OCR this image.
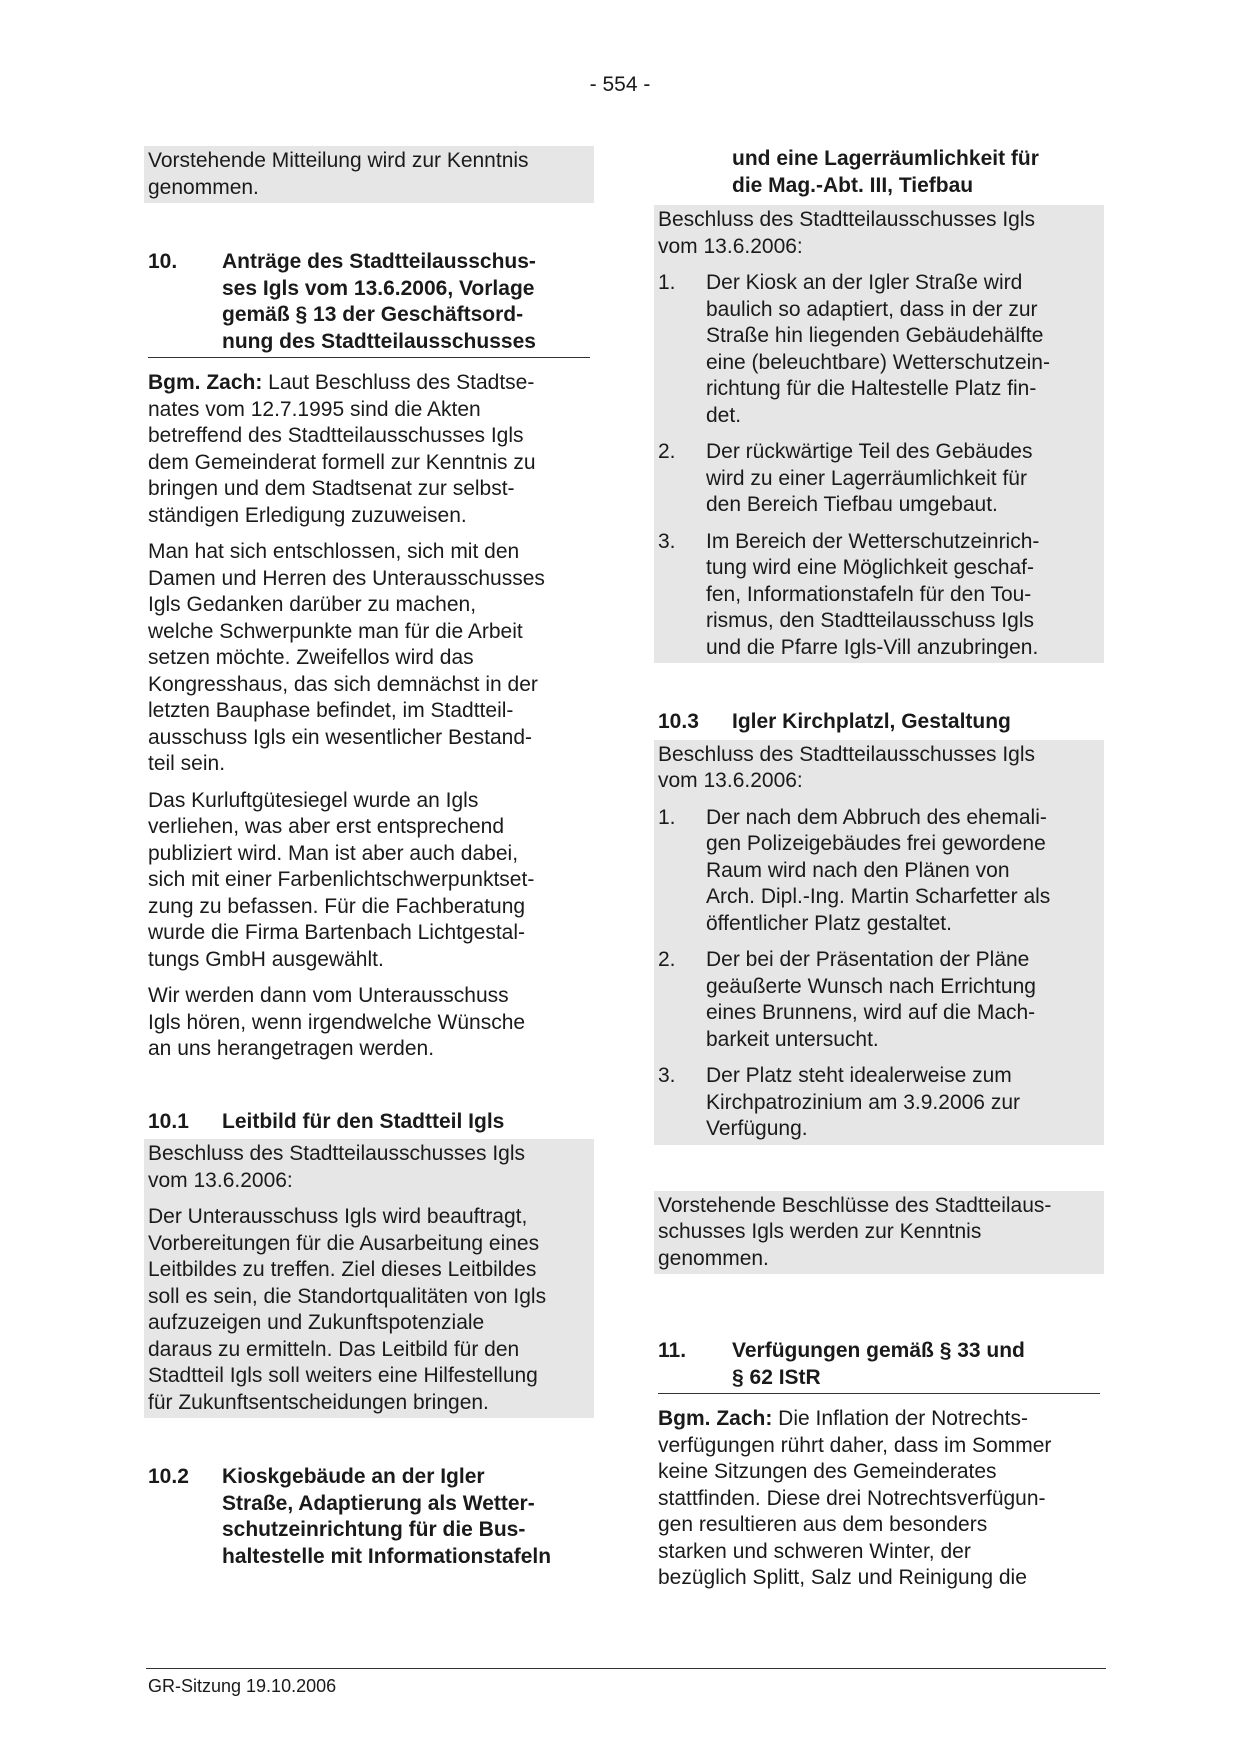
- 554 -

Vorstehende Mitteilung wird zur Kenntnis genommen.

10.	Anträge des Stadtteilausschus-
ses Igls vom 13.6.2006, Vorlage
gemäß § 13 der Geschäftsord-
nung des Stadtteilausschusses
Bgm. Zach: Laut Beschluss des Stadtse-
nates vom 12.7.1995 sind die Akten
betreffend des Stadtteilausschusses Igls
dem Gemeinderat formell zur Kenntnis zu
bringen und dem Stadtsenat zur selbst-
ständigen Erledigung zuzuweisen.
Man hat sich entschlossen, sich mit den
Damen und Herren des Unterausschusses
Igls Gedanken darüber zu machen,
welche Schwerpunkte man für die Arbeit
setzen möchte. Zweifellos wird das
Kongresshaus, das sich demnächst in der
letzten Bauphase befindet, im Stadtteil-
ausschuss Igls ein wesentlicher Bestand-
teil sein.
Das Kurluftgütesiegel wurde an Igls
verliehen, was aber erst entsprechend
publiziert wird. Man ist aber auch dabei,
sich mit einer Farbenlichtschwerpunktset-
zung zu befassen. Für die Fachberatung
wurde die Firma Bartenbach Lichtgestal-
tungs GmbH ausgewählt.
Wir werden dann vom Unterausschuss
Igls hören, wenn irgendwelche Wünsche
an uns herangetragen werden.
10.1	Leitbild für den Stadtteil Igls
Beschluss des Stadtteilausschusses Igls
vom 13.6.2006:
Der Unterausschuss Igls wird beauftragt,
Vorbereitungen für die Ausarbeitung eines
Leitbildes zu treffen. Ziel dieses Leitbildes
soll es sein, die Standortqualitäten von Igls
aufzuzeigen und Zukunftspotenziale
daraus zu ermitteln. Das Leitbild für den
Stadtteil Igls soll weiters eine Hilfestellung
für Zukunftsentscheidungen bringen.
10.2	Kioskgebäude an der Igler
Straße, Adaptierung als Wetter-
schutzeinrichtung für die Bus-
haltestelle mit Informationstafeln
und eine Lagerräumlichkeit für
die Mag.-Abt. III, Tiefbau
Beschluss des Stadtteilausschusses Igls
vom 13.6.2006:
1.	Der Kiosk an der Igler Straße wird
baulich so adaptiert, dass in der zur
Straße hin liegenden Gebäudehälfte
eine (beleuchtbare) Wetterschutzein-
richtung für die Haltestelle Platz fin-
det.
2.	Der rückwärtige Teil des Gebäudes
wird zu einer Lagerräumlichkeit für
den Bereich Tiefbau umgebaut.
3.	Im Bereich der Wetterschutzeinrich-
tung wird eine Möglichkeit geschaf-
fen, Informationstafeln für den Tou-
rismus, den Stadtteilausschuss Igls
und die Pfarre Igls-Vill anzubringen.
10.3	Igler Kirchplatzl, Gestaltung
Beschluss des Stadtteilausschusses Igls
vom 13.6.2006:
1.	Der nach dem Abbruch des ehemali-
gen Polizeigebäudes frei gewordene
Raum wird nach den Plänen von
Arch. Dipl.-Ing. Martin Scharfetter als
öffentlicher Platz gestaltet.
2.	Der bei der Präsentation der Pläne
geäußerte Wunsch nach Errichtung
eines Brunnens, wird auf die Mach-
barkeit untersucht.
3.	Der Platz steht idealerweise zum
Kirchpatrozinium am 3.9.2006 zur
Verfügung.
Vorstehende Beschlüsse des Stadtteilaus-
schusses Igls werden zur Kenntnis
genommen.
11.	Verfügungen gemäß § 33 und
§ 62 IStR
Bgm. Zach: Die Inflation der Notrechts-
verfügungen rührt daher, dass im Sommer
keine Sitzungen des Gemeinderates
stattfinden. Diese drei Notrechtsverfügun-
gen resultieren aus dem besonders
starken und schweren Winter, der
bezüglich Splitt, Salz und Reinigung die
GR-Sitzung 19.10.2006
